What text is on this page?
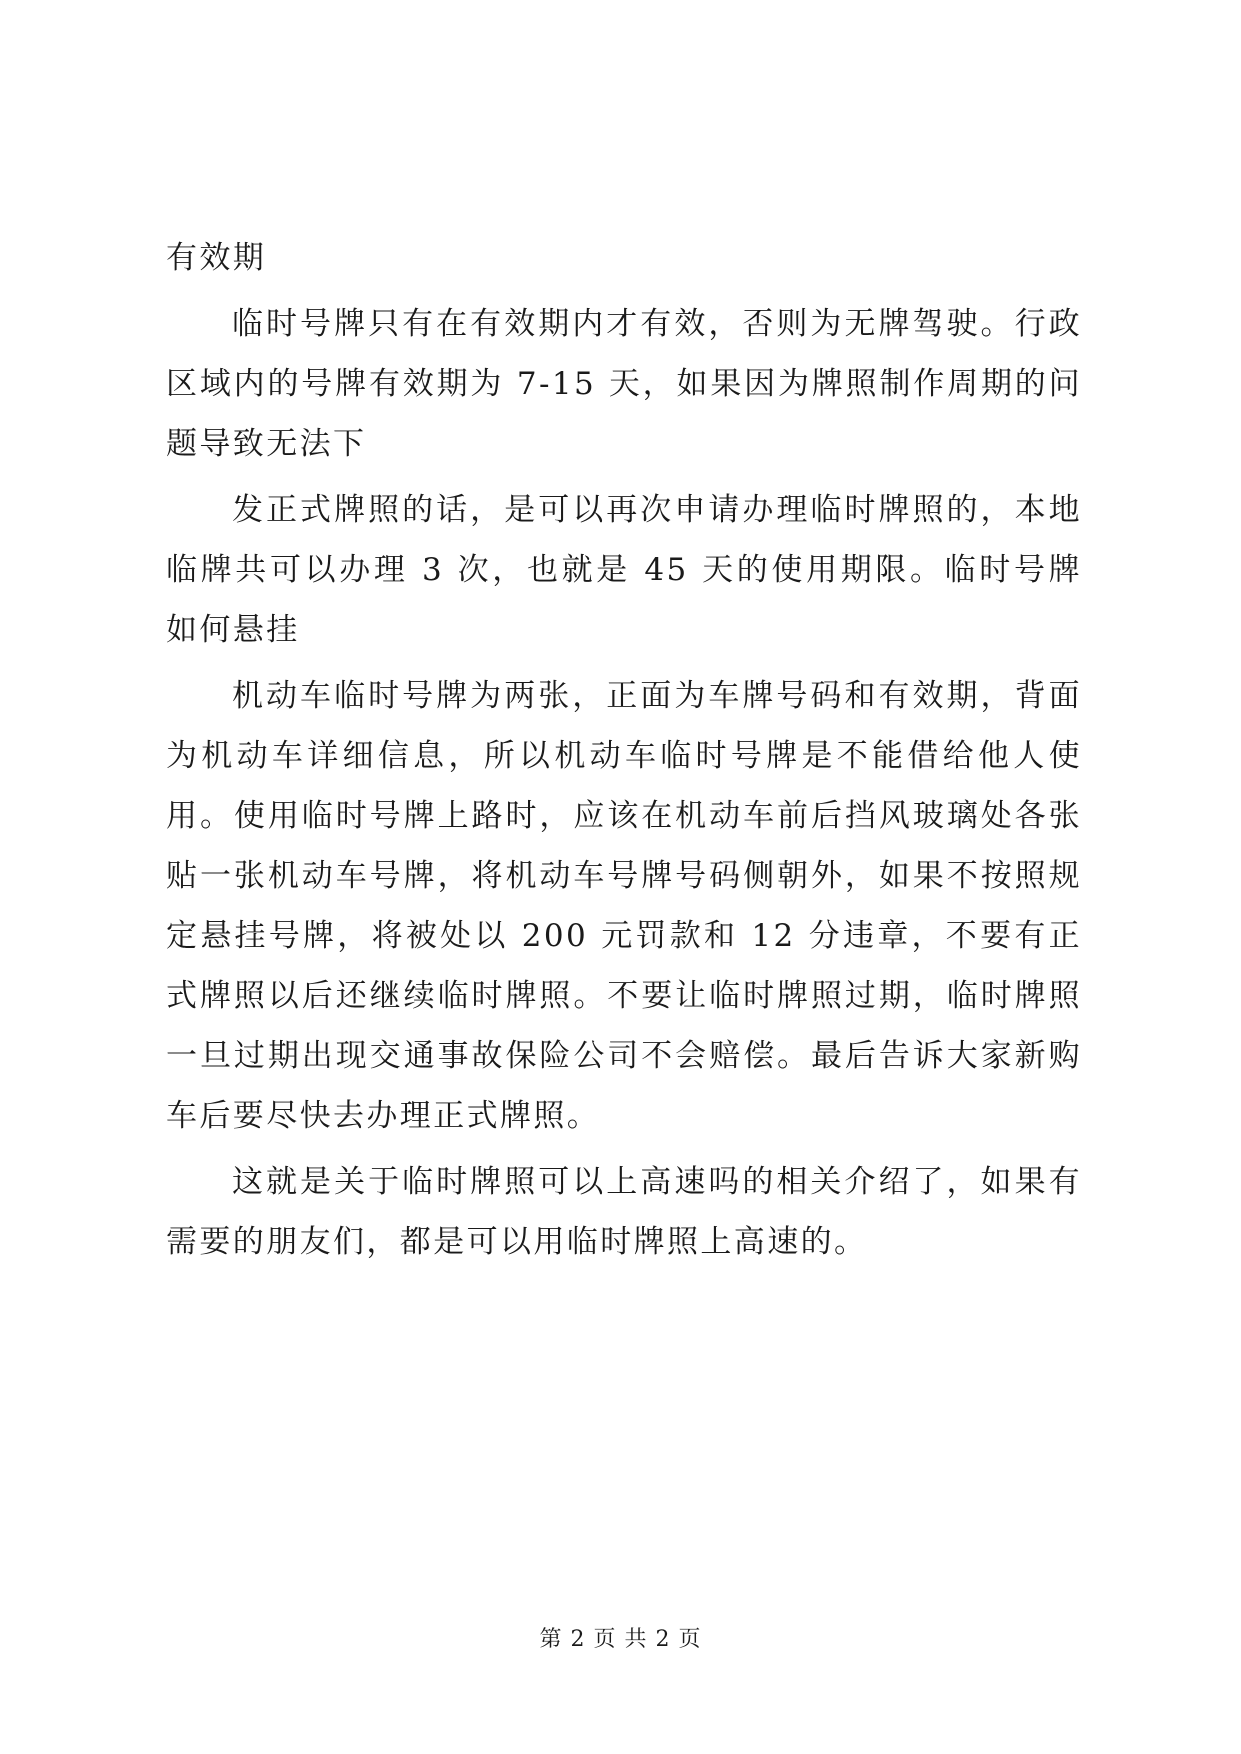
有效期

临时号牌只有在有效期内才有效，否则为无牌驾驶。行政区域内的号牌有效期为 7-15 天，如果因为牌照制作周期的问题导致无法下

发正式牌照的话，是可以再次申请办理临时牌照的，本地临牌共可以办理 3 次，也就是 45 天的使用期限。临时号牌如何悬挂

机动车临时号牌为两张，正面为车牌号码和有效期，背面为机动车详细信息，所以机动车临时号牌是不能借给他人使用。使用临时号牌上路时，应该在机动车前后挡风玻璃处各张贴一张机动车号牌，将机动车号牌号码侧朝外，如果不按照规定悬挂号牌，将被处以 200 元罚款和 12 分违章，不要有正式牌照以后还继续临时牌照。不要让临时牌照过期，临时牌照一旦过期出现交通事故保险公司不会赔偿。最后告诉大家新购车后要尽快去办理正式牌照。

这就是关于临时牌照可以上高速吗的相关介绍了，如果有需要的朋友们，都是可以用临时牌照上高速的。

第 2 页 共 2 页
